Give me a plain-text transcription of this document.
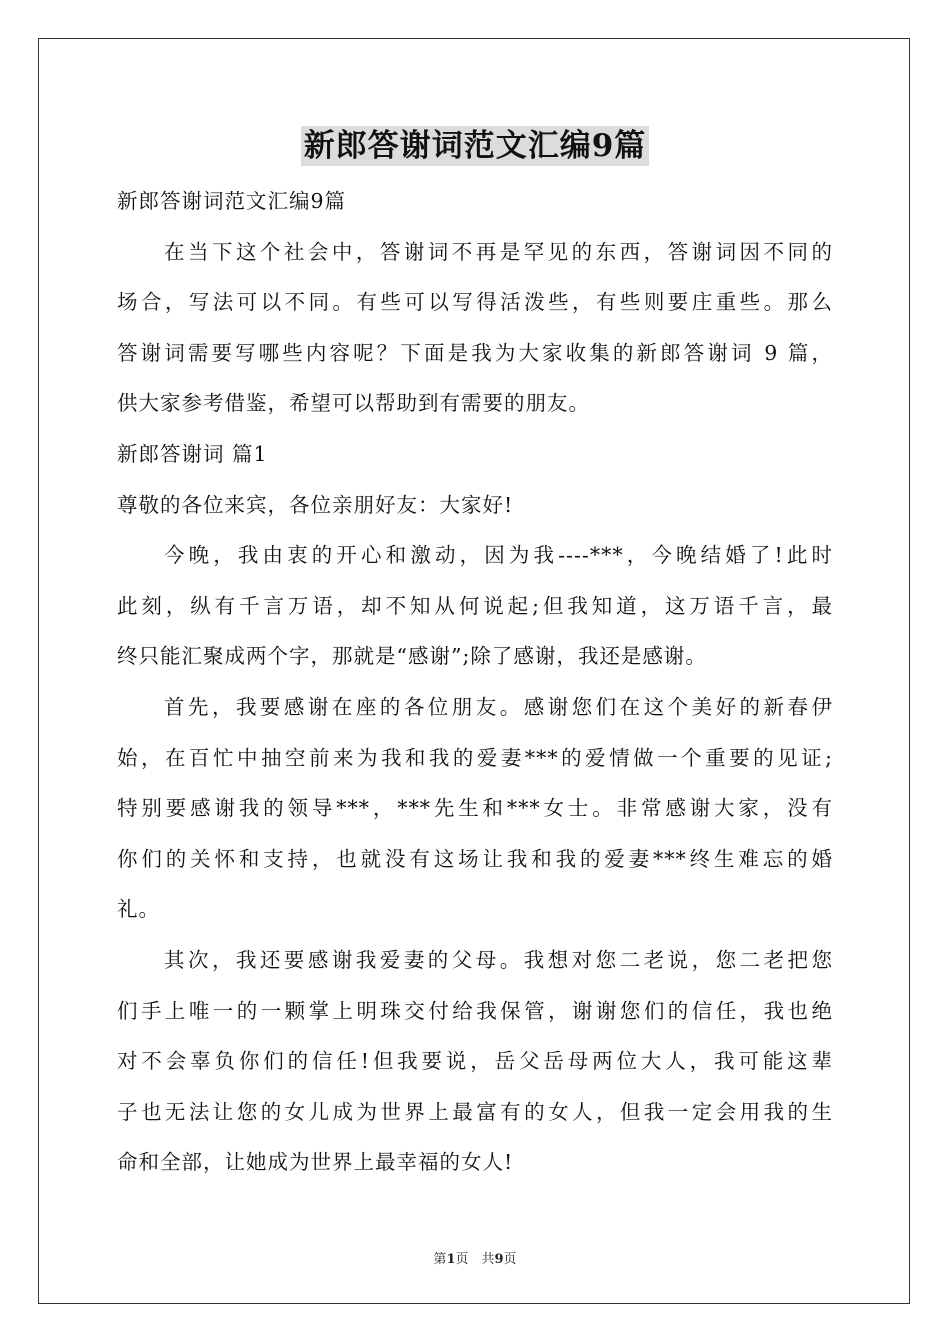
新郎答谢词范文汇编9篇
新郎答谢词范文汇编9篇
在当下这个社会中，答谢词不再是罕见的东西，答谢词因不同的
场合，写法可以不同。有些可以写得活泼些，有些则要庄重些。那么
答谢词需要写哪些内容呢？下面是我为大家收集的新郎答谢词 9 篇，
供大家参考借鉴，希望可以帮助到有需要的朋友。
新郎答谢词 篇1
尊敬的各位来宾，各位亲朋好友：大家好!
今晚，我由衷的开心和激动，因为我----***，今晚结婚了!此时
此刻，纵有千言万语，却不知从何说起;但我知道，这万语千言，最
终只能汇聚成两个字，那就是“感谢”;除了感谢，我还是感谢。
首先，我要感谢在座的各位朋友。感谢您们在这个美好的新春伊
始，在百忙中抽空前来为我和我的爱妻***的爱情做一个重要的见证;
特别要感谢我的领导***，***先生和***女士。非常感谢大家，没有
你们的关怀和支持，也就没有这场让我和我的爱妻***终生难忘的婚
礼。
其次，我还要感谢我爱妻的父母。我想对您二老说，您二老把您
们手上唯一的一颗掌上明珠交付给我保管，谢谢您们的信任，我也绝
对不会辜负你们的信任!但我要说，岳父岳母两位大人，我可能这辈
子也无法让您的女儿成为世界上最富有的女人，但我一定会用我的生
命和全部，让她成为世界上最幸福的女人!
第1页　共9页
